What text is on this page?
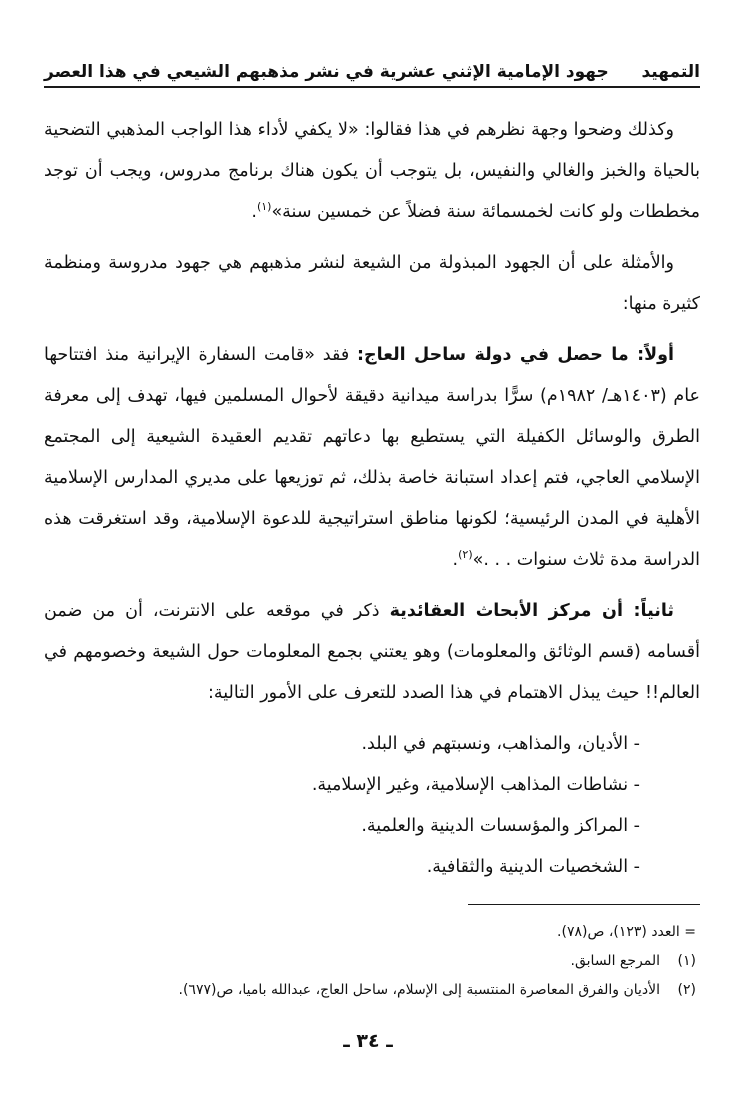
التمهيد
جهود الإمامية الإثني عشرية في نشر مذهبهم الشيعي في هذا العصر

وكذلك وضحوا وجهة نظرهم في هذا فقالوا: «لا يكفي لأداء هذا الواجب المذهبي التضحية بالحياة والخبز والغالي والنفيس، بل يتوجب أن يكون هناك برنامج مدروس، ويجب أن توجد مخططات ولو كانت لخمسمائة سنة فضلاً عن خمسين سنة»$^{(١)}$.

والأمثلة على أن الجهود المبذولة من الشيعة لنشر مذهبهم هي جهود مدروسة ومنظمة كثيرة منها:

أولاً: ما حصل في دولة ساحل العاج: فقد «قامت السفارة الإيرانية منذ افتتاحها عام (١٤٠٣هـ/ ١٩٨٢م) سرًّا بدراسة ميدانية دقيقة لأحوال المسلمين فيها، تهدف إلى معرفة الطرق والوسائل الكفيلة التي يستطيع بها دعاتهم تقديم العقيدة الشيعية إلى المجتمع الإسلامي العاجي، فتم إعداد استبانة خاصة بذلك، ثم توزيعها على مديري المدارس الإسلامية الأهلية في المدن الرئيسية؛ لكونها مناطق استراتيجية للدعوة الإسلامية، وقد استغرقت هذه الدراسة مدة ثلاث سنوات . . .»$^{(٢)}$.

ثانياً: أن مركز الأبحاث العقائدية ذكر في موقعه على الانترنت، أن من ضمن أقسامه (قسم الوثائق والمعلومات) وهو يعتني بجمع المعلومات حول الشيعة وخصومهم في العالم!! حيث يبذل الاهتمام في هذا الصدد للتعرف على الأمور التالية:

- الأديان، والمذاهب، ونسبتهم في البلد.

- نشاطات المذاهب الإسلامية، وغير الإسلامية.

- المراكز والمؤسسات الدينية والعلمية.

- الشخصيات الدينية والثقافية.

= العدد (١٢٣)، ص(٧٨).
(١)المرجع السابق.
(٢)الأديان والفرق المعاصرة المنتسبة إلى الإسلام، ساحل العاج، عبدالله باميا، ص(٦٧٧).
ـ ٣٤ ـ
